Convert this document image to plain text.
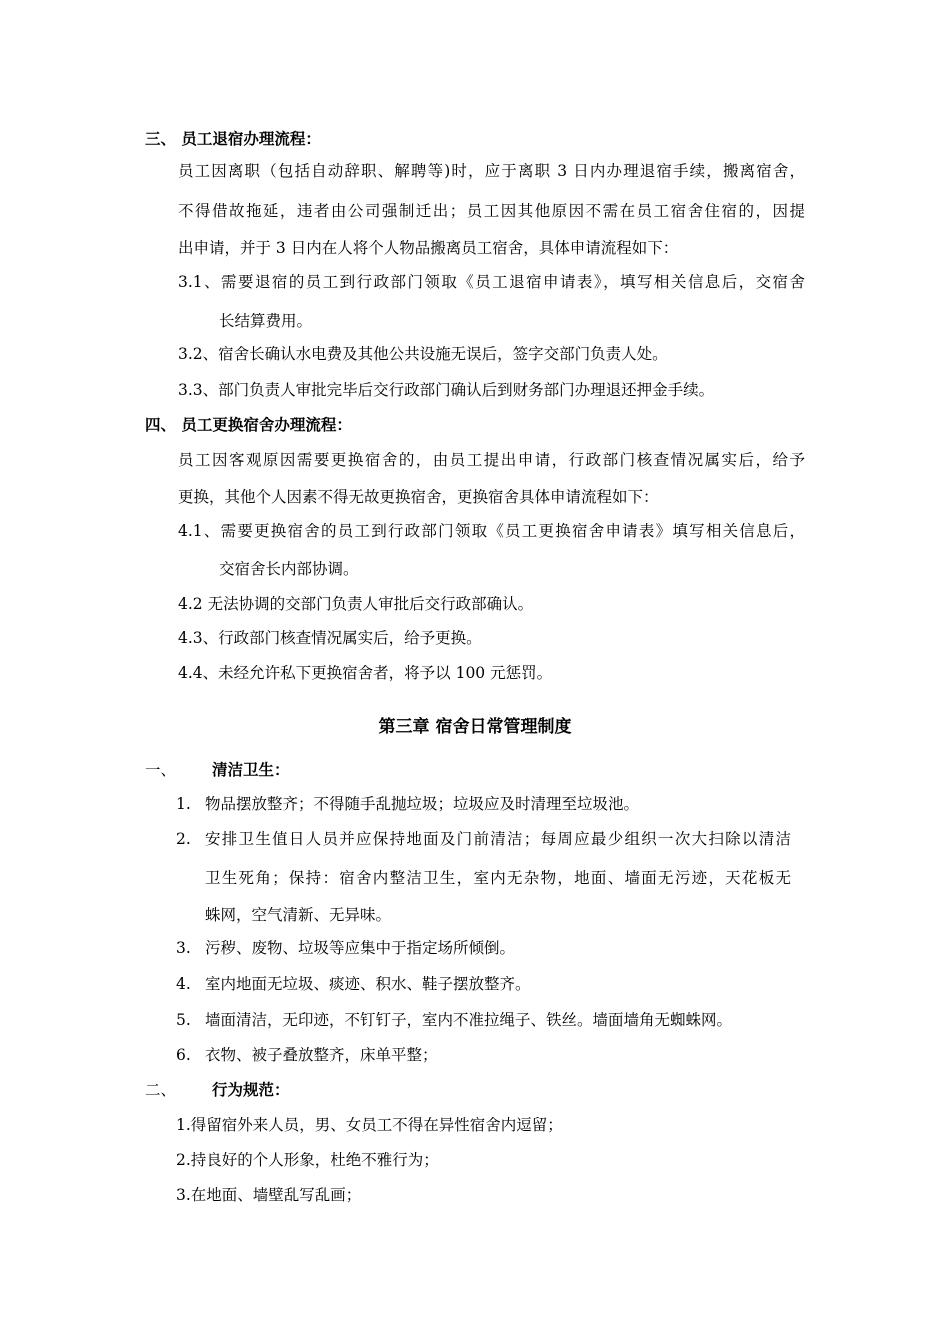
三、 员工退宿办理流程：
员工因离职（包括自动辞职、解聘等)时，应于离职 3 日内办理退宿手续，搬离宿舍，
不得借故拖延，违者由公司强制迁出；员工因其他原因不需在员工宿舍住宿的，因提
出申请，并于 3 日内在人将个人物品搬离员工宿舍，具体申请流程如下：
3.1、需要退宿的员工到行政部门领取《员工退宿申请表》，填写相关信息后，交宿舍
长结算费用。
3.2、宿舍长确认水电费及其他公共设施无误后，签字交部门负责人处。
3.3、部门负责人审批完毕后交行政部门确认后到财务部门办理退还押金手续。
四、 员工更换宿舍办理流程：
员工因客观原因需要更换宿舍的，由员工提出申请，行政部门核查情况属实后，给予
更换，其他个人因素不得无故更换宿舍，更换宿舍具体申请流程如下：
4.1、需要更换宿舍的员工到行政部门领取《员工更换宿舍申请表》填写相关信息后，
交宿舍长内部协调。
4.2 无法协调的交部门负责人审批后交行政部确认。
4.3、行政部门核查情况属实后，给予更换。
4.4、未经允许私下更换宿舍者，将予以 100 元惩罚。
第三章 宿舍日常管理制度
一、 清洁卫生：
1. 物品摆放整齐；不得随手乱抛垃圾；垃圾应及时清理至垃圾池。
2. 安排卫生值日人员并应保持地面及门前清洁；每周应最少组织一次大扫除以清洁
卫生死角；保持：宿舍内整洁卫生，室内无杂物，地面、墙面无污迹，天花板无
蛛网，空气清新、无异味。
3. 污秽、废物、垃圾等应集中于指定场所倾倒。
4. 室内地面无垃圾、痰迹、积水、鞋子摆放整齐。
5. 墙面清洁，无印迹，不钉钉子，室内不准拉绳子、铁丝。墙面墙角无蜘蛛网。
6. 衣物、被子叠放整齐，床单平整；
二、 行为规范：
1.得留宿外来人员，男、女员工不得在异性宿舍内逗留；
2.持良好的个人形象，杜绝不雅行为；
3.在地面、墙壁乱写乱画；
